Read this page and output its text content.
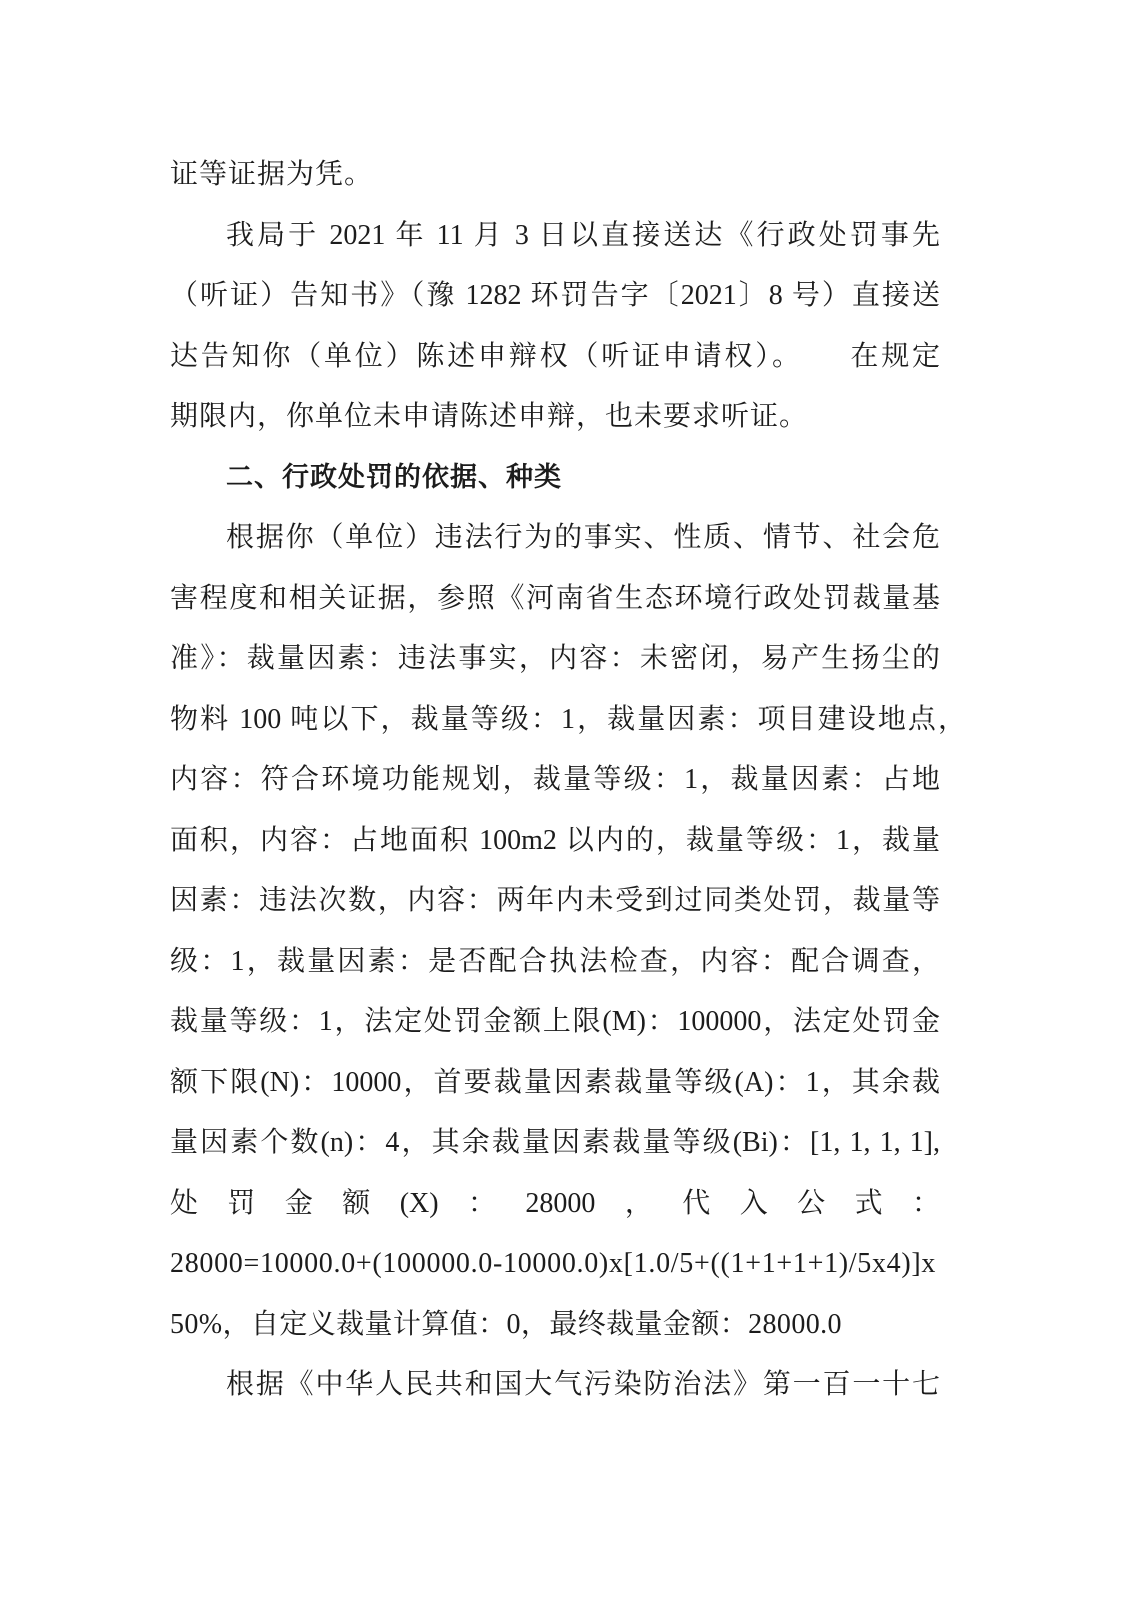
证等证据为凭。
我局于 2021 年 11 月 3 日以直接送达《行政处罚事先
（听证）告知书》（豫 1282 环罚告字〔2021〕8 号）直接送
达告知你（单位）陈述申辩权（听证申请权）。　　在规定
期限内，你单位未申请陈述申辩，也未要求听证。
二、行政处罚的依据、种类
根据你（单位）违法行为的事实、性质、情节、社会危
害程度和相关证据，参照《河南省生态环境行政处罚裁量基
准》：裁量因素：违法事实，内容：未密闭，易产生扬尘的
物料 100 吨以下，裁量等级：1，裁量因素：项目建设地点，
内容：符合环境功能规划，裁量等级：1，裁量因素：占地
面积，内容：占地面积 100m2 以内的，裁量等级：1，裁量
因素：违法次数，内容：两年内未受到过同类处罚，裁量等
级：1，裁量因素：是否配合执法检查，内容：配合调查，
裁量等级：1，法定处罚金额上限(M)：100000，法定处罚金
额下限(N)：10000，首要裁量因素裁量等级(A)：1，其余裁
量因素个数(n)：4，其余裁量因素裁量等级(Bi)：[1, 1, 1, 1],
处罚金额(X)：28000，代入公式：
28000=10000.0+(100000.0-10000.0)x[1.0/5+((1+1+1+1)/5x4)]x
50%，自定义裁量计算值：0，最终裁量金额：28000.0
根据《中华人民共和国大气污染防治法》第一百一十七
